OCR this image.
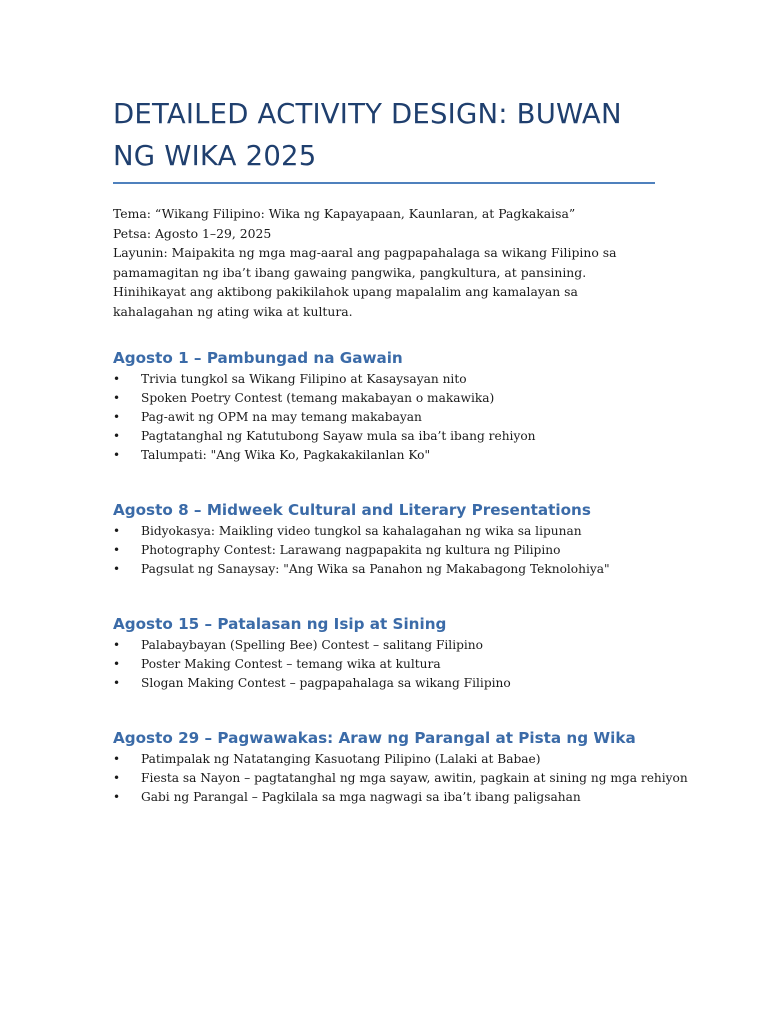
DETAILED ACTIVITY DESIGN: BUWAN NG WIKA 2025

Tema: “Wikang Filipino: Wika ng Kapayapaan, Kaunlaran, at Pagkakaisa”

Petsa: Agosto 1–29, 2025

Layunin: Maipakita ng mga mag-aaral ang pagpapahalaga sa wikang Filipino sa pamamagitan ng iba’t ibang gawaing pangwika, pangkultura, at pansining. Hinihikayat ang aktibong pakikilahok upang mapalalim ang kamalayan sa kahalagahan ng ating wika at kultura.

Agosto 1 – Pambungad na Gawain
• Trivia tungkol sa Wikang Filipino at Kasaysayan nito
• Spoken Poetry Contest (temang makabayan o makawika)
• Pag-awit ng OPM na may temang makabayan
• Pagtatanghal ng Katutubong Sayaw mula sa iba’t ibang rehiyon
• Talumpati: "Ang Wika Ko, Pagkakakilanlan Ko"
Agosto 8 – Midweek Cultural and Literary Presentations
• Bidyokasya: Maikling video tungkol sa kahalagahan ng wika sa lipunan
• Photography Contest: Larawang nagpapakita ng kultura ng Pilipino
• Pagsulat ng Sanaysay: "Ang Wika sa Panahon ng Makabagong Teknolohiya"
Agosto 15 – Patalasan ng Isip at Sining
• Palabaybayan (Spelling Bee) Contest – salitang Filipino
• Poster Making Contest – temang wika at kultura
• Slogan Making Contest – pagpapahalaga sa wikang Filipino
Agosto 29 – Pagwawakas: Araw ng Parangal at Pista ng Wika
• Patimpalak ng Natatanging Kasuotang Pilipino (Lalaki at Babae)
• Fiesta sa Nayon – pagtatanghal ng mga sayaw, awitin, pagkain at sining ng mga rehiyon
• Gabi ng Parangal – Pagkilala sa mga nagwagi sa iba’t ibang paligsahan
